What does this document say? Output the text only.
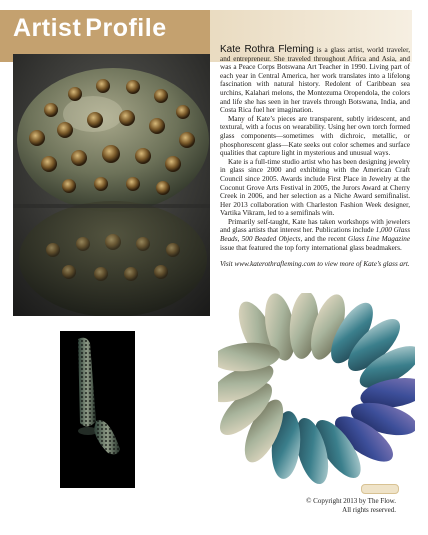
Artist Profile

Kate Rothra Fleming is a glass artist, world traveler, and entrepreneur. She traveled throughout Africa and Asia, and was a Peace Corps Botswana Art Teacher in 1990. Living part of each year in Central America, her work translates into a lifelong fascination with natural history. Redolent of Caribbean sea urchins, Kalahari melons, the Montezuma Oropendola, the colors and life she has seen in her travels through Botswana, India, and Costa Rica fuel her imagination.

Many of Kate’s pieces are transparent, subtly iridescent, and textural, with a focus on wearability. Using her own torch formed glass components—sometimes with dichroic, metallic, or phosphorescent glass—Kate seeks out color schemes and surface qualities that capture light in mysterious and unusual ways.

Kate is a full-time studio artist who has been designing jewelry in glass since 2000 and exhibiting with the American Craft Council since 2005. Awards include First Place in Jewelry at the Coconut Grove Arts Festival in 2005, the Jurors Award at Cherry Creek in 2006, and her selection as a Niche Award semifinalist. Her 2013 collaboration with Charleston Fashion Week designer, Vartika Vikram, led to a semifinals win.

Primarily self-taught, Kate has taken workshops with jewelers and glass artists that interest her. Publications include 1,000 Glass Beads, 500 Beaded Objects, and the recent Glass Line Magazine issue that featured the top forty international glass beadmakers.

Visit www.katerothrafleming.com to view more of Kate’s glass art.

© Copyright 2013 by The Flow.
All rights reserved.
